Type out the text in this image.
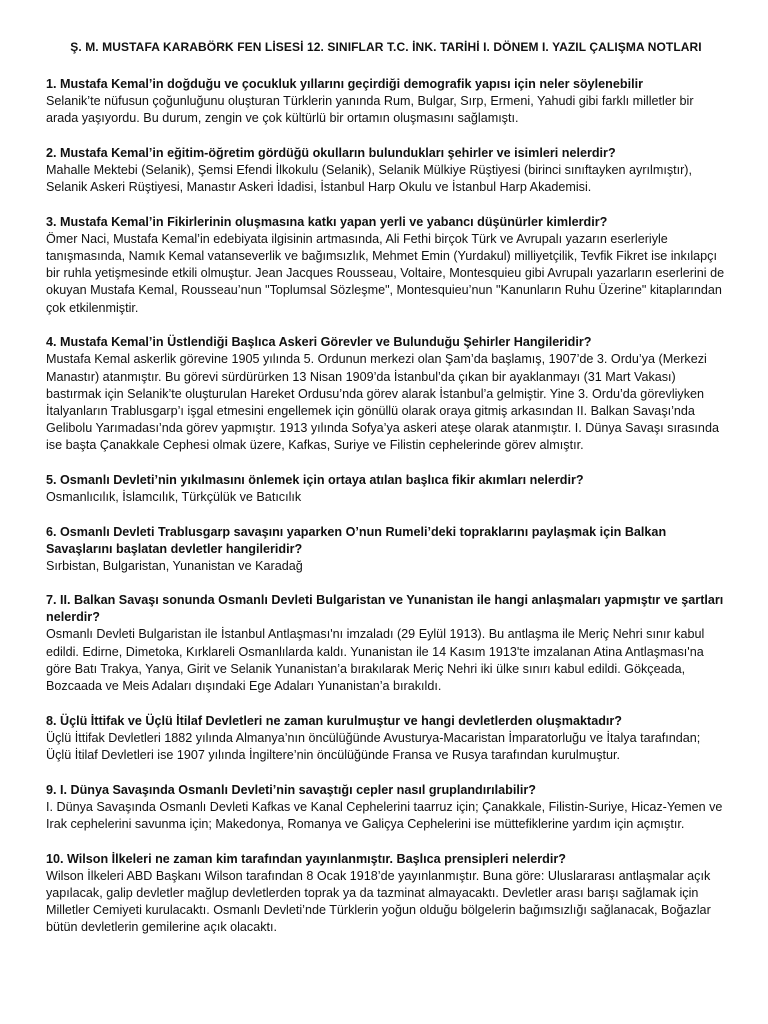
Ş. M. MUSTAFA KARABÖRK FEN LİSESİ 12. SINIFLAR T.C. İNK. TARİHİ I. DÖNEM I. YAZIL ÇALIŞMA NOTLARI

1. Mustafa Kemal’in doğduğu ve çocukluk yıllarını geçirdiği demografik yapısı için neler söylenebilir

Selanik’te nüfusun çoğunluğunu oluşturan Türklerin yanında Rum, Bulgar, Sırp, Ermeni, Yahudi gibi farklı milletler bir arada yaşıyordu. Bu durum, zengin ve çok kültürlü bir ortamın oluşmasını sağlamıştı.

2. Mustafa Kemal’in eğitim-öğretim gördüğü okulların bulundukları şehirler ve isimleri nelerdir?

Mahalle Mektebi (Selanik), Şemsi Efendi İlkokulu (Selanik), Selanik Mülkiye Rüştiyesi (birinci sınıftayken ayrılmıştır), Selanik Askeri Rüştiyesi, Manastır Askeri İdadisi, İstanbul Harp Okulu ve İstanbul Harp Akademisi.

3. Mustafa Kemal’in Fikirlerinin oluşmasına katkı yapan yerli ve yabancı düşünürler kimlerdir?

Ömer Naci, Mustafa Kemal’in edebiyata ilgisinin artmasında, Ali Fethi birçok Türk ve Avrupalı yazarın eserleriyle tanışmasında, Namık Kemal vatanseverlik ve bağımsızlık, Mehmet Emin (Yurdakul) milliyetçilik, Tevfik Fikret ise inkılapçı bir ruhla yetişmesinde etkili olmuştur. Jean Jacques Rousseau, Voltaire, Montesquieu gibi Avrupalı yazarların eserlerini de okuyan Mustafa Kemal, Rousseau’nun "Toplumsal Sözleşme", Montesquieu’nun "Kanunların Ruhu Üzerine" kitaplarından çok etkilenmiştir.

4. Mustafa Kemal’in Üstlendiği Başlıca Askeri Görevler ve Bulunduğu Şehirler Hangileridir?

Mustafa Kemal askerlik görevine 1905 yılında 5. Ordunun merkezi olan Şam’da başlamış, 1907’de 3. Ordu’ya (Merkezi Manastır) atanmıştır. Bu görevi sürdürürken 13 Nisan 1909’da İstanbul’da çıkan bir ayaklanmayı (31 Mart Vakası) bastırmak için Selanik’te oluşturulan Hareket Ordusu’nda görev alarak İstanbul’a gelmiştir. Yine 3. Ordu’da görevliyken İtalyanların Trablusgarp’ı işgal etmesini engellemek için gönüllü olarak oraya gitmiş arkasından II. Balkan Savaşı’nda Gelibolu Yarımadası’nda görev yapmıştır. 1913 yılında Sofya’ya askeri ateşe olarak atanmıştır. I. Dünya Savaşı sırasında ise başta Çanakkale Cephesi olmak üzere, Kafkas, Suriye ve Filistin cephelerinde görev almıştır.

5. Osmanlı Devleti’nin yıkılmasını önlemek için ortaya atılan başlıca fikir akımları nelerdir?

Osmanlıcılık, İslamcılık, Türkçülük ve Batıcılık

6. Osmanlı Devleti Trablusgarp savaşını yaparken O’nun Rumeli’deki topraklarını paylaşmak için Balkan Savaşlarını başlatan devletler hangileridir?

Sırbistan, Bulgaristan, Yunanistan ve Karadağ

7. II. Balkan Savaşı sonunda Osmanlı Devleti Bulgaristan ve Yunanistan ile hangi anlaşmaları yapmıştır ve şartları nelerdir?

Osmanlı Devleti Bulgaristan ile İstanbul Antlaşması'nı imzaladı (29 Eylül 1913). Bu antlaşma ile Meriç Nehri sınır kabul edildi. Edirne, Dimetoka, Kırklareli Osmanlılarda kaldı. Yunanistan ile 14 Kasım 1913'te imzalanan Atina Antlaşması'na göre Batı Trakya, Yanya, Girit ve Selanik Yunanistan’a bırakılarak Meriç Nehri iki ülke sınırı kabul edildi. Gökçeada, Bozcaada ve Meis Adaları dışındaki Ege Adaları Yunanistan’a bırakıldı.

8. Üçlü İttifak ve Üçlü İtilaf Devletleri ne zaman kurulmuştur ve hangi devletlerden oluşmaktadır?

Üçlü İttifak Devletleri 1882 yılında Almanya’nın öncülüğünde Avusturya-Macaristan İmparatorluğu ve İtalya tarafından; Üçlü İtilaf Devletleri ise 1907 yılında İngiltere’nin öncülüğünde Fransa ve Rusya tarafından kurulmuştur.

9. I. Dünya Savaşında Osmanlı Devleti’nin savaştığı cepler nasıl gruplandırılabilir?

I. Dünya Savaşında Osmanlı Devleti Kafkas ve Kanal Cephelerini taarruz için; Çanakkale, Filistin-Suriye, Hicaz-Yemen ve Irak cephelerini savunma için; Makedonya, Romanya ve Galiçya Cephelerini ise müttefiklerine yardım için açmıştır.

10. Wilson İlkeleri ne zaman kim tarafından yayınlanmıştır. Başlıca prensipleri nelerdir?

Wilson İlkeleri ABD Başkanı Wilson tarafından 8 Ocak 1918’de yayınlanmıştır. Buna göre: Uluslararası antlaşmalar açık yapılacak, galip devletler mağlup devletlerden toprak ya da tazminat almayacaktı. Devletler arası barışı sağlamak için Milletler Cemiyeti kurulacaktı. Osmanlı Devleti’nde Türklerin yoğun olduğu bölgelerin bağımsızlığı sağlanacak, Boğazlar bütün devletlerin gemilerine açık olacaktı.
